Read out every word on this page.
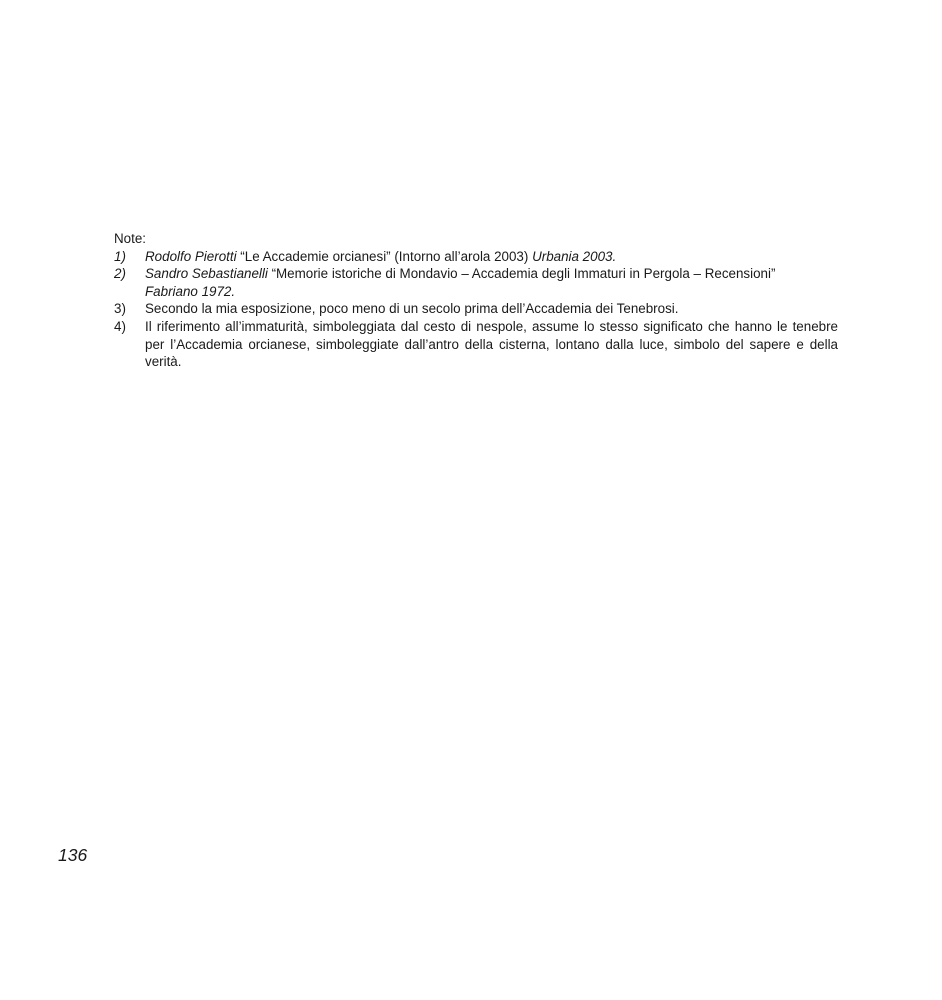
Note:

1)	Rodolfo Pierotti “Le Accademie orcianesi” (Intorno all’arola 2003) Urbania 2003.
2)	Sandro Sebastianelli “Memorie istoriche di Mondavio – Accademia degli Immaturi in Pergola – Recensioni”
Fabriano 1972.
3)	Secondo la mia esposizione, poco meno di un secolo prima dell’Accademia dei Tenebrosi.
4)	Il riferimento all’immaturità, simboleggiata dal cesto di nespole, assume lo stesso significato che hanno le tenebre per l’Accademia orcianese, simboleggiate dall’antro della cisterna, lontano dalla luce, simbolo del sapere e della verità.
136
